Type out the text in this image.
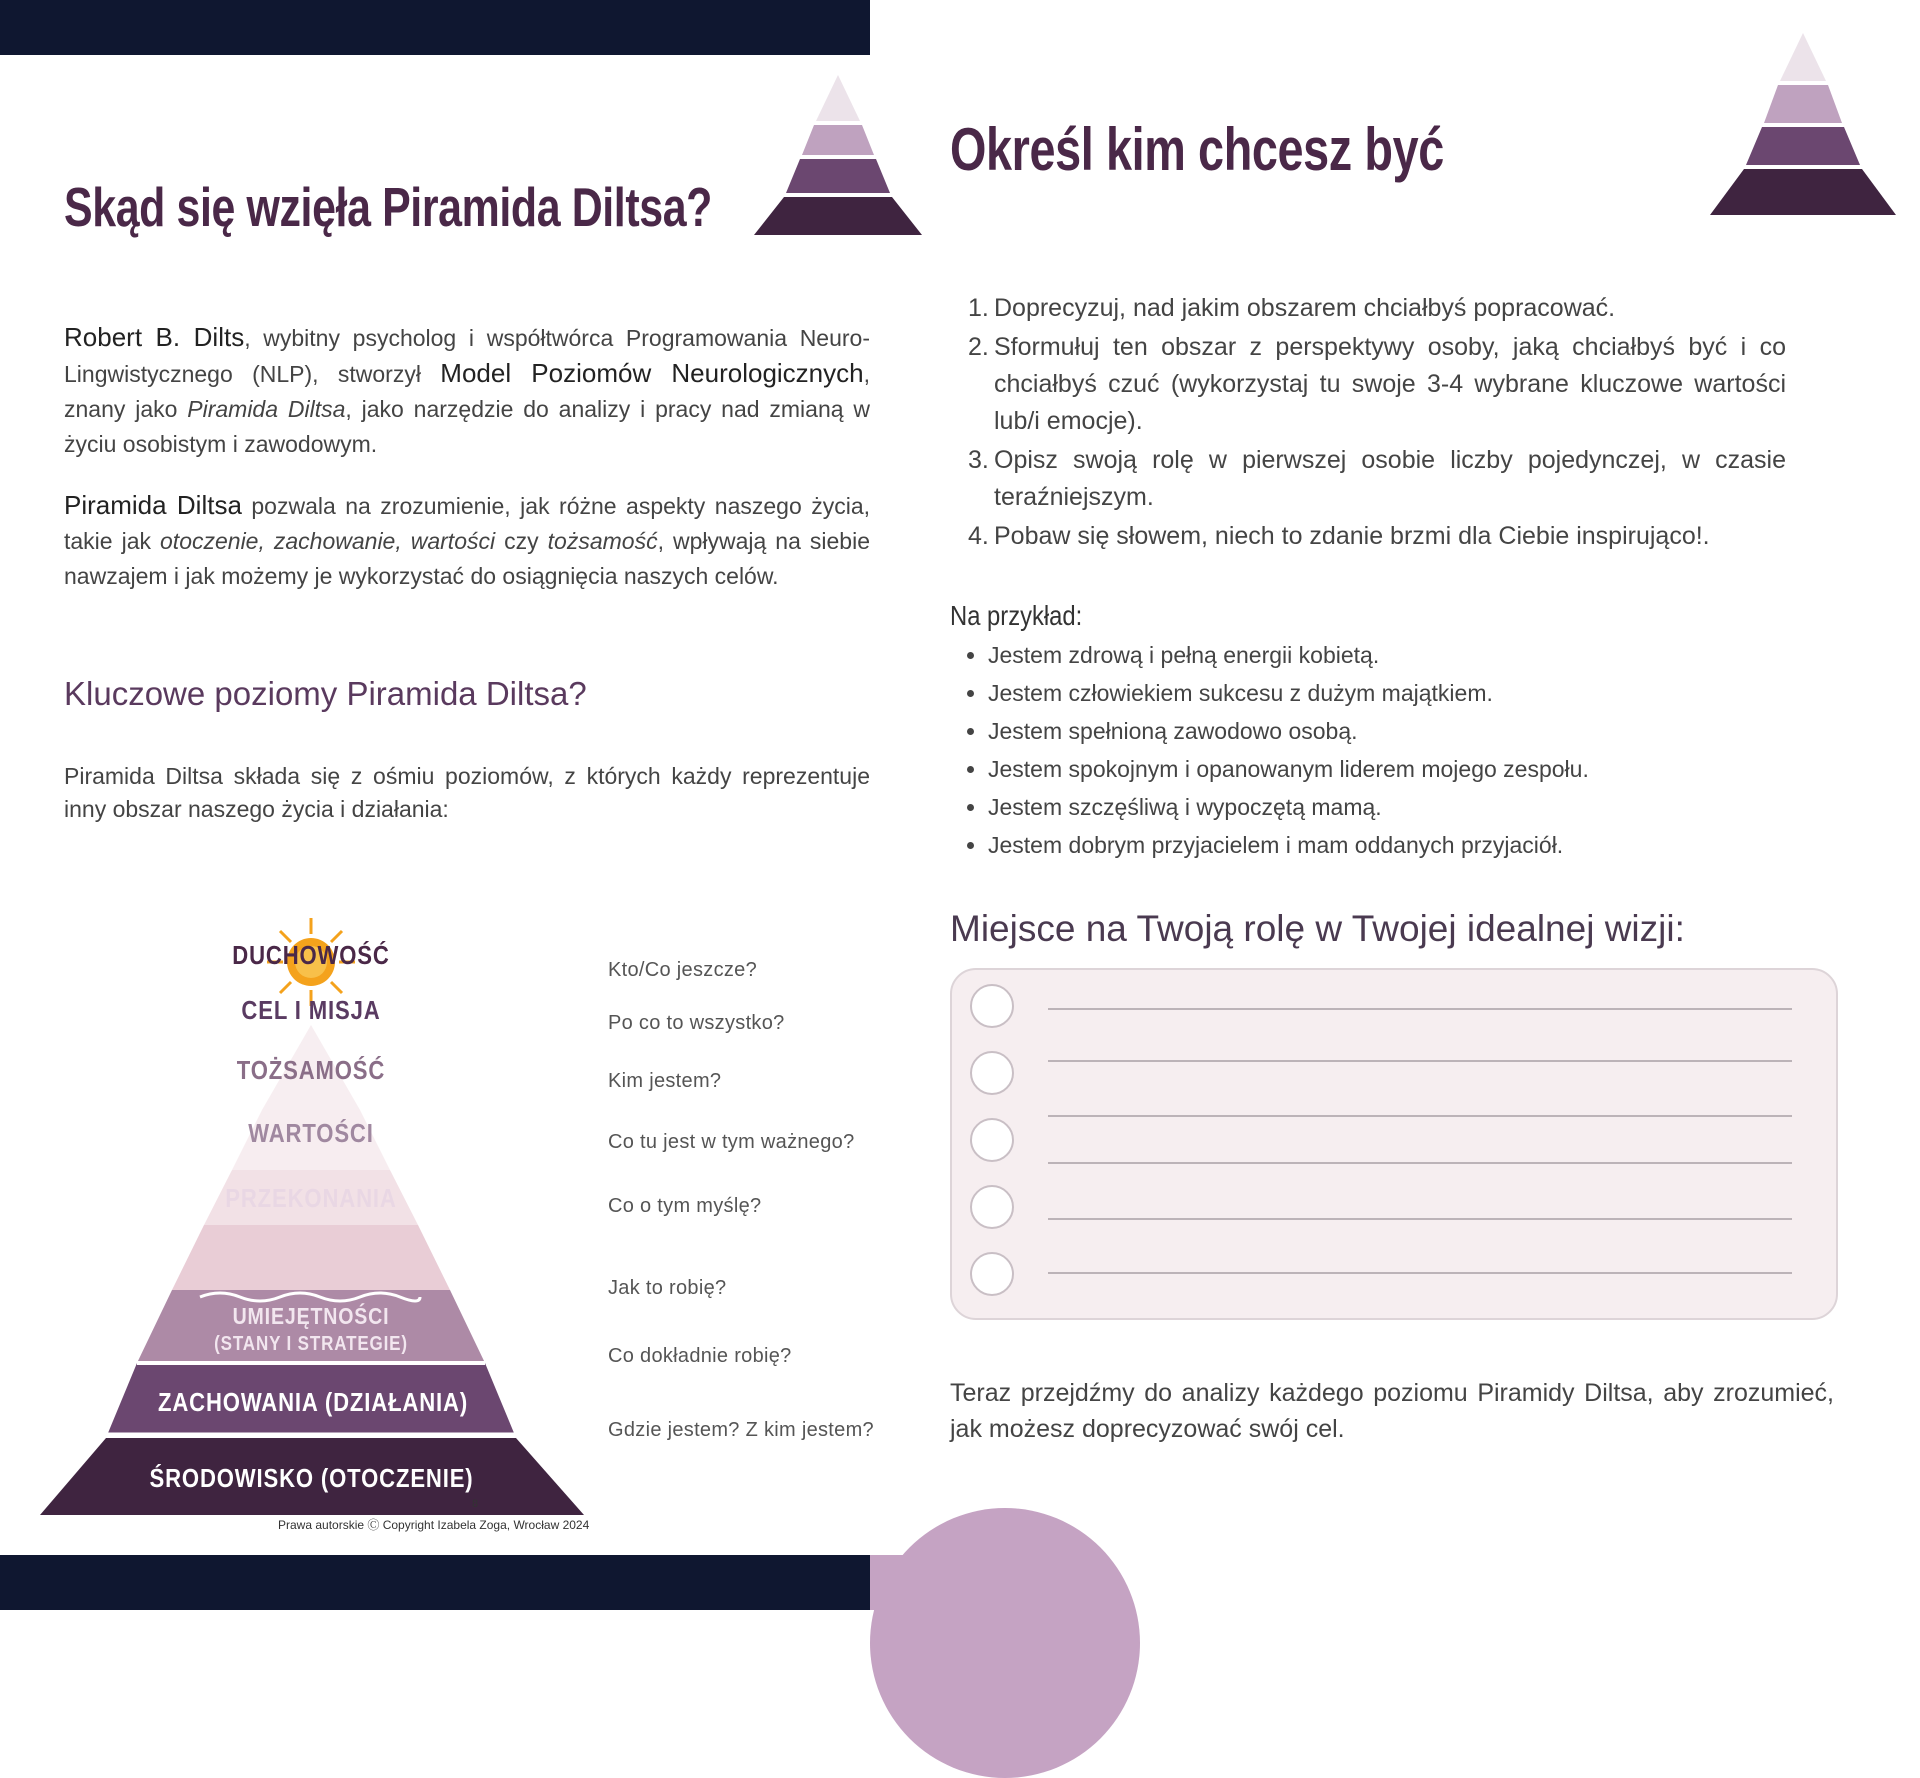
Skąd się wzięła Piramida Diltsa?

Robert B. Dilts, wybitny psycholog i współtwórca Programowania Neuro-Lingwistycznego (NLP), stworzył Model Poziomów Neurologicznych, znany jako Piramida Diltsa, jako narzędzie do analizy i pracy nad zmianą w życiu osobistym i zawodowym.

Piramida Diltsa pozwala na zrozumienie, jak różne aspekty naszego życia, takie jak otoczenie, zachowanie, wartości czy tożsamość, wpływają na siebie nawzajem i jak możemy je wykorzystać do osiągnięcia naszych celów.

Kluczowe poziomy Piramida Diltsa?

Piramida Diltsa składa się z ośmiu poziomów, z których każdy reprezentuje inny obszar naszego życia i działania:

DUCHOWOŚĆ
CEL I MISJA
TOŻSAMOŚĆ
WARTOŚCI
PRZEKONANIA
UMIEJĘTNOŚCI
(STANY I STRATEGIE)
ZACHOWANIA (DZIAŁANIA)
ŚRODOWISKO (OTOCZENIE)
Kto/Co jeszcze?
Po co to wszystko?
Kim jestem?
Co tu jest w tym ważnego?
Co o tym myślę?
Jak to robię?
Co dokładnie robię?
Gdzie jestem? Z kim jestem?
8
Prawa autorskie Ⓒ Copyright Izabela Zoga, Wrocław 2024
Określ kim chcesz być
1. Doprecyzuj, nad jakim obszarem chciałbyś popracować.
2. Sformułuj ten obszar z perspektywy osoby, jaką chciałbyś być i co chciałbyś czuć (wykorzystaj tu swoje 3-4 wybrane kluczowe wartości lub/i emocje).
3. Opisz swoją rolę w pierwszej osobie liczby pojedynczej, w czasie teraźniejszym.
4. Pobaw się słowem, niech to zdanie brzmi dla Ciebie inspirująco!.
Na przykład:
• Jestem zdrową i pełną energii kobietą.
• Jestem człowiekiem sukcesu z dużym majątkiem.
• Jestem spełnioną zawodowo osobą.
• Jestem spokojnym i opanowanym liderem mojego zespołu.
• Jestem szczęśliwą i wypoczętą mamą.
• Jestem dobrym przyjacielem i mam oddanych przyjaciół.
Miejsce na Twoją rolę w Twojej idealnej wizji:

Teraz przejdźmy do analizy każdego poziomu Piramidy Diltsa, aby zrozumieć, jak możesz doprecyzować swój cel.
